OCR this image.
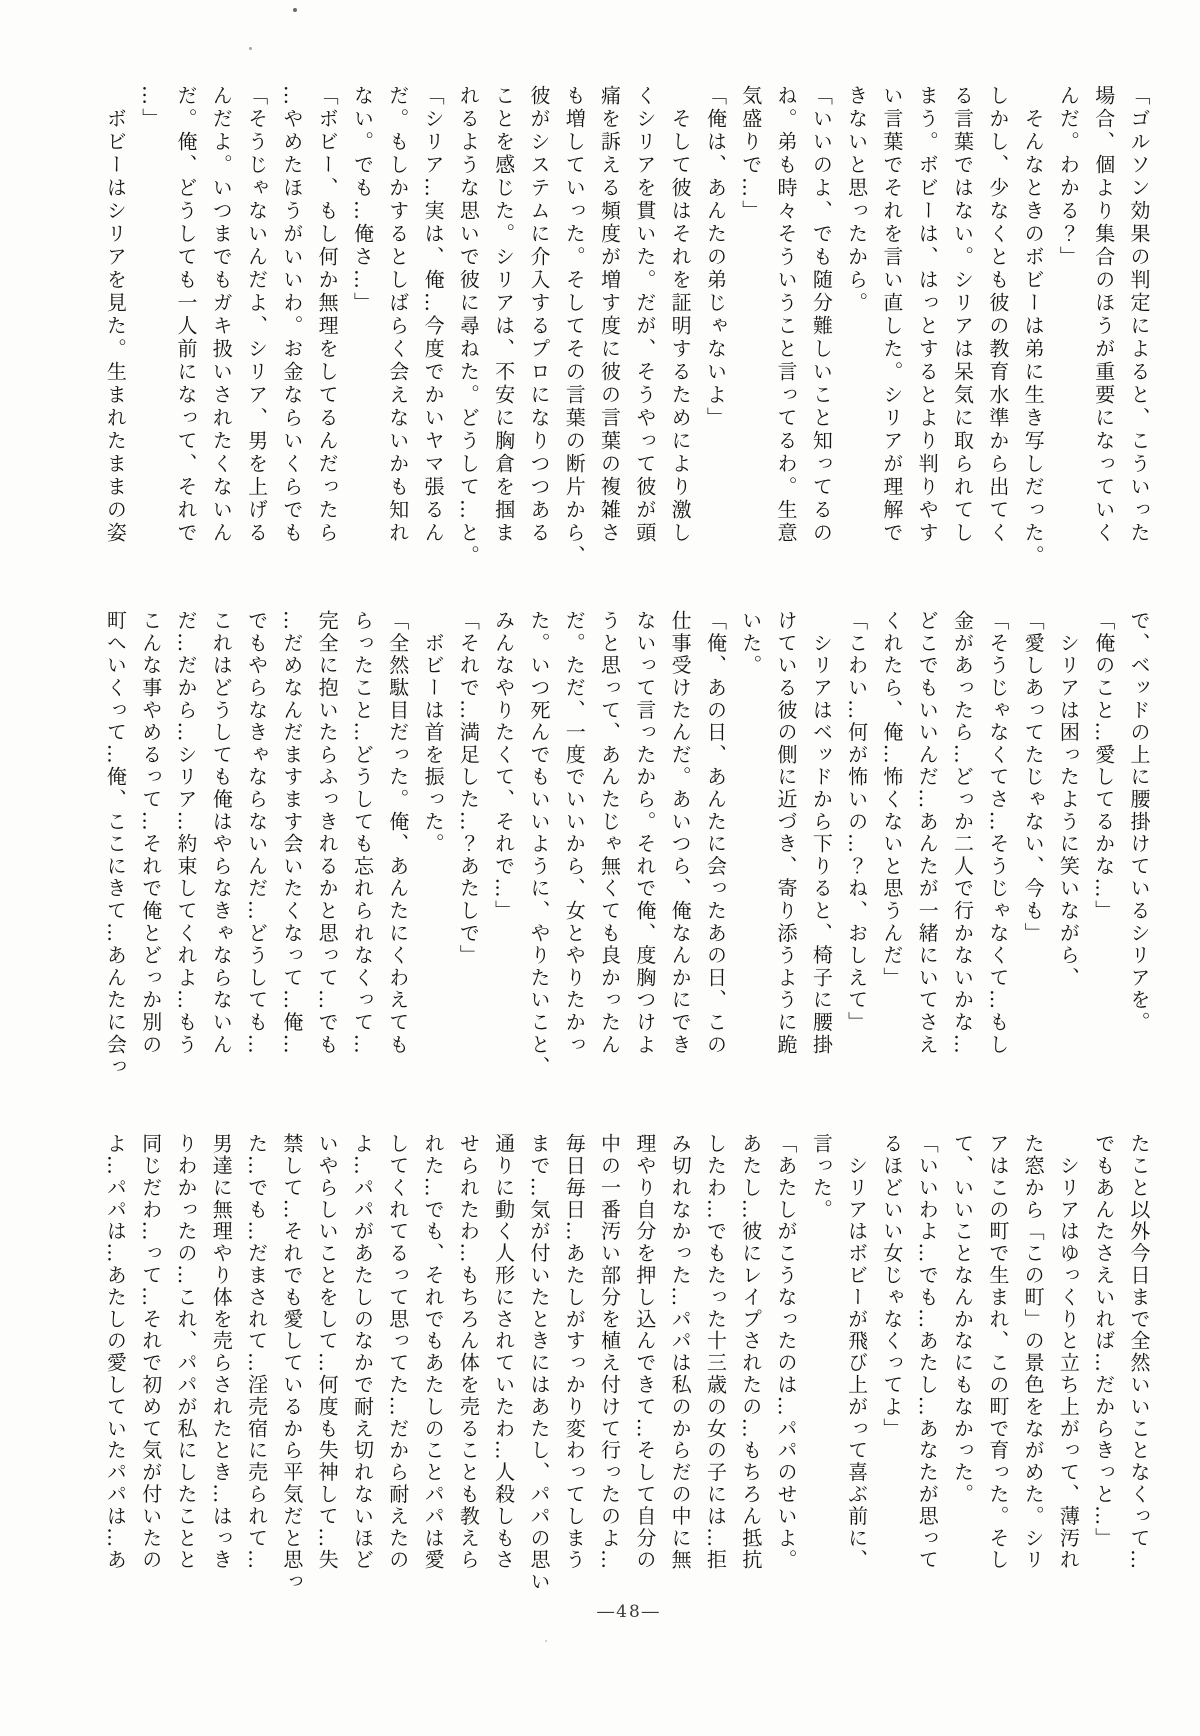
「ゴルソン効果の判定によると、こういった
場合、個より集合のほうが重要になっていく
んだ。わかる？」
　そんなときのボビーは弟に生き写しだった。
しかし、少なくとも彼の教育水準から出てく
る言葉ではない。シリアは呆気に取られてし
まう。ボビーは、はっとするとより判りやす
い言葉でそれを言い直した。シリアが理解で
きないと思ったから。
「いいのよ、でも随分難しいこと知ってるの
ね。弟も時々そういうこと言ってるわ。生意
気盛りで…」
「俺は、あんたの弟じゃないよ」
　そして彼はそれを証明するためにより激し
くシリアを貫いた。だが、そうやって彼が頭
痛を訴える頻度が増す度に彼の言葉の複雑さ
も増していった。そしてその言葉の断片から、
彼がシステムに介入するプロになりつつある
ことを感じた。シリアは、不安に胸倉を掴ま
れるような思いで彼に尋ねた。どうして…と。
「シリア…実は、俺…今度でかいヤマ張るん
だ。もしかするとしばらく会えないかも知れ
ない。でも…俺さ…」
「ボビー、もし何か無理をしてるんだったら
…やめたほうがいいわ。お金ならいくらでも
「そうじゃないんだよ、シリア、男を上げる
んだよ。いつまでもガキ扱いされたくないん
だ。俺、どうしても一人前になって、それで
…」
　ボビーはシリアを見た。生まれたままの姿
で、ベッドの上に腰掛けているシリアを。
「俺のこと…愛してるかな…」
　シリアは困ったように笑いながら、
「愛しあってたじゃない、今も」
「そうじゃなくてさ…そうじゃなくて…もし
金があったら…どっか二人で行かないかな…
どこでもいいんだ…あんたが一緒にいてさえ
くれたら、俺…怖くないと思うんだ」
「こわい…何が怖いの…？ね、おしえて」
　シリアはベッドから下りると、椅子に腰掛
けている彼の側に近づき、寄り添うように跪
いた。
「俺、あの日、あんたに会ったあの日、この
仕事受けたんだ。あいつら、俺なんかにでき
ないって言ったから。それで俺、度胸つけよ
うと思って、あんたじゃ無くても良かったん
だ。ただ、一度でいいから、女とやりたかっ
た。いつ死んでもいいように、やりたいこと、
みんなやりたくて、それで…」
「それで…満足した…？あたしで」
　ボビーは首を振った。
「全然駄目だった。俺、あんたにくわえても
らったこと…どうしても忘れられなくって…
完全に抱いたらふっきれるかと思って…でも
…だめなんだますます会いたくなって…俺…
でもやらなきゃならないんだ…どうしても…
これはどうしても俺はやらなきゃならないん
だ…だから…シリア…約束してくれよ…もう
こんな事やめるって…それで俺とどっか別の
町へいくって…俺、ここにきて…あんたに会っ
たこと以外今日まで全然いいことなくって…
でもあんたさえいれば…だからきっと…」
　シリアはゆっくりと立ち上がって、薄汚れ
た窓から「この町」の景色をながめた。シリ
アはこの町で生まれ、この町で育った。そし
て、いいことなんかなにもなかった。
「いいわよ…でも…あたし…あなたが思って
るほどいい女じゃなくってよ」
　シリアはボビーが飛び上がって喜ぶ前に、
言った。
「あたしがこうなったのは…パパのせいよ。
あたし…彼にレイプされたの…もちろん抵抗
したわ…でもたった十三歳の女の子には…拒
み切れなかった…パパは私のからだの中に無
理やり自分を押し込んできて…そして自分の
中の一番汚い部分を植え付けて行ったのよ…
毎日毎日…あたしがすっかり変わってしまう
まで…気が付いたときにはあたし、パパの思い
通りに動く人形にされていたわ…人殺しもさ
せられたわ…もちろん体を売ることも教えら
れた…でも、それでもあたしのことパパは愛
してくれてるって思ってた…だから耐えたの
よ…パパがあたしのなかで耐え切れないほど
いやらしいことをして…何度も失神して…失
禁して…それでも愛しているから平気だと思っ
た…でも…だまされて…淫売宿に売られて…
男達に無理やり体を売らされたとき…はっき
りわかったの…これ、パパが私にしたことと
同じだわ…って…それで初めて気が付いたの
よ…パパは…あたしの愛していたパパは…あ
―48―
